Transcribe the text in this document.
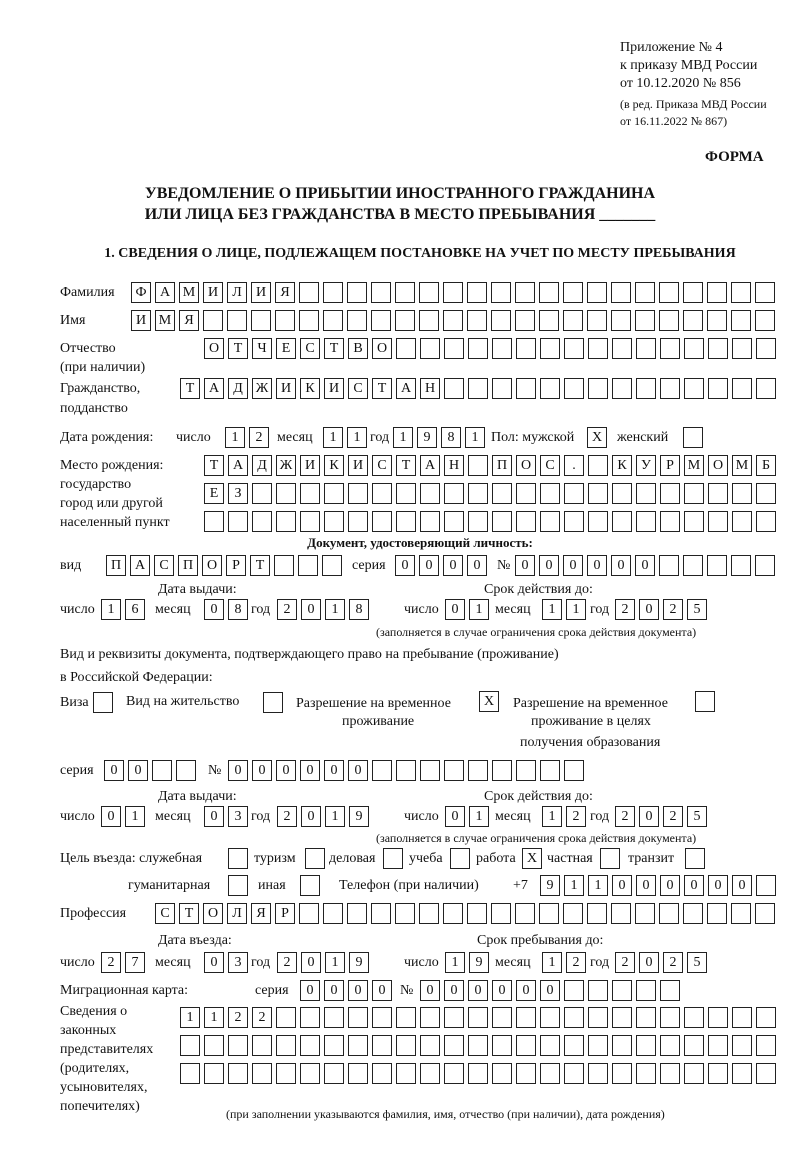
Приложение № 4
к приказу МВД России
от 10.12.2020 № 856
(в ред. Приказа МВД России
от 16.11.2022 № 867)
ФОРМА
УВЕДОМЛЕНИЕ О ПРИБЫТИИ ИНОСТРАННОГО ГРАЖДАНИНА
ИЛИ ЛИЦА БЕЗ ГРАЖДАНСТВА В МЕСТО ПРЕБЫВАНИЯ _______
1. СВЕДЕНИЯ О ЛИЦЕ, ПОДЛЕЖАЩЕМ ПОСТАНОВКЕ НА УЧЕТ ПО МЕСТУ ПРЕБЫВАНИЯ
Фамилия	Ф А М И	Л	И	Я
Имя	И М Я
Отчество
(при наличии)
О	Т	Ч	Е	С	Т	В	О
Гражданство,
подданство
Т	А	Д Ж И	К	И	С	Т	А Н
Дата рождения: число	1	2	месяц	1	1 год 1	9	8	1 Пол: мужской	X	женский
Место рождения:
государство
город или другой
населенный пункт
Т	А	Д Ж И	К	И	С	Т	А Н	П О	С	.	К	У	Р М О М Б
Е	З
Документ, удостоверяющий личность:
вид	П А	С	П О	Р	Т	серия	0	0	0	0	№ 0	0	0	0	0	0
Дата выдачи:	Срок действия до:
число 1	6	месяц	0	8 год 2	0	1	8	число 0	1 месяц	1	1 год 2	0	2	5
(заполняется в случае ограничения срока действия документа)
Вид и реквизиты документа, подтверждающего право на пребывание (проживание)
в Российской Федерации:
Виза	Вид на жительство	Разрешение на временное
проживание
X	Разрешение на временное
проживание в целях
получения образования
серия	0	0	№ 0	0	0	0	0	0
Дата выдачи:	Срок действия до:
число 0	1	месяц	0	3 год 2	0	1	9	число 0	1 месяц	1	2 год 2	0	2	5
(заполняется в случае ограничения срока действия документа)
Цель въезда: служебная	туризм деловая учеба работа X частная	транзит
гуманитарная	иная	Телефон (при наличии) +7	9	1	1	0	0	0	0	0	0
Профессия	С	Т	О	Л	Я	Р
Дата въезда:	Срок пребывания до:
число 2	7	месяц	0	3 год 2	0	1	9	число 1	9 месяц	1	2 год 2	0	2	5
Миграционная карта:	серия	0	0	0	0	№ 0	0	0	0	0	0
Сведения о
законных
представителях
(родителях,
усыновителях,
попечителях)
1	1	2	2
(при заполнении указываются фамилия, имя, отчество (при наличии), дата рождения)
